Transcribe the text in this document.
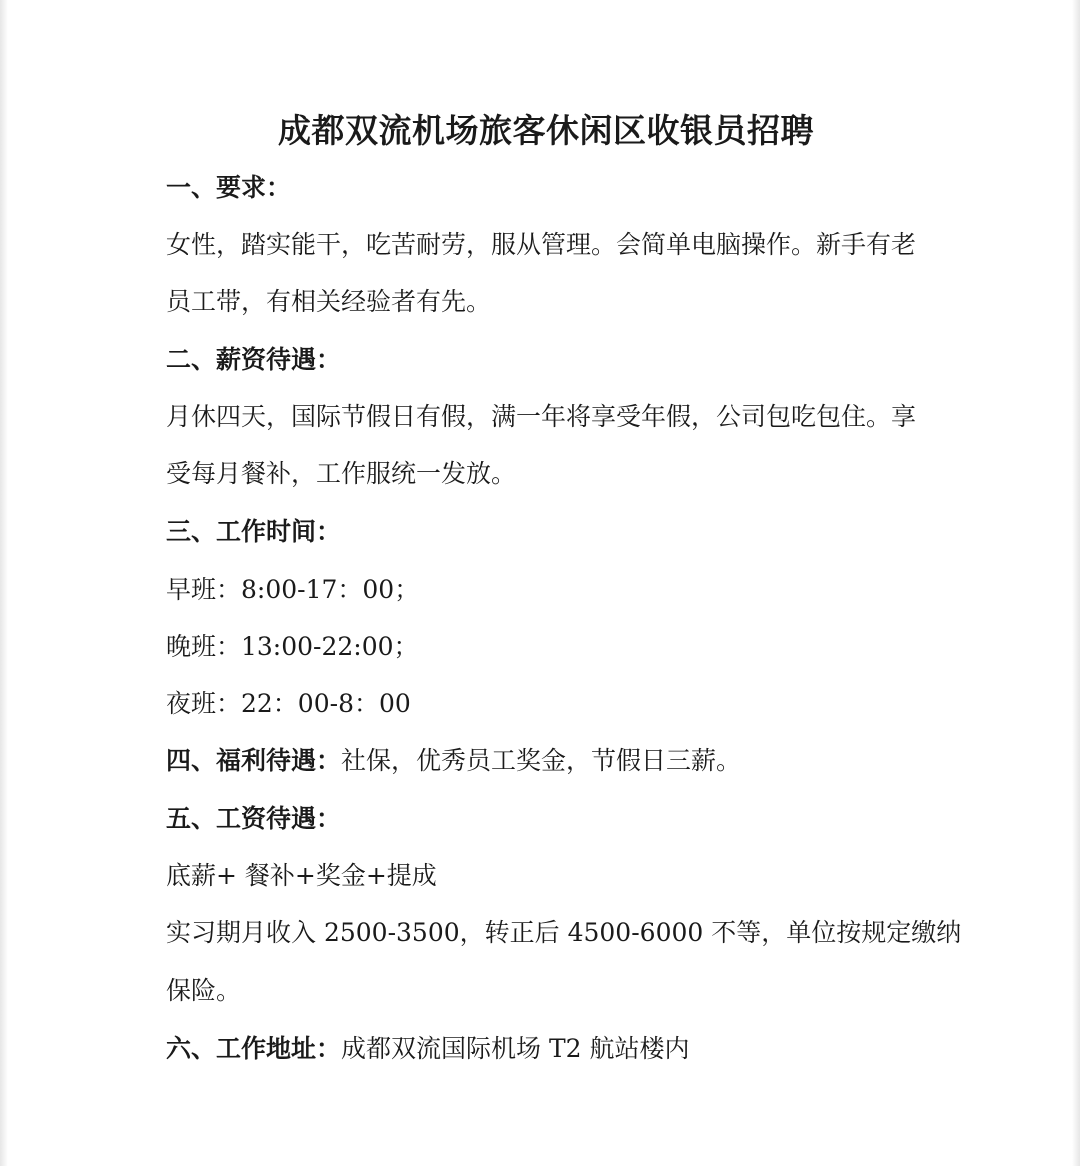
成都双流机场旅客休闲区收银员招聘
一、要求：
女性，踏实能干，吃苦耐劳，服从管理。会简单电脑操作。新手有老
员工带，有相关经验者有先。
二、薪资待遇：
月休四天，国际节假日有假，满一年将享受年假，公司包吃包住。享
受每月餐补，工作服统一发放。
三、工作时间：
早班：8:00-17：00；
晚班：13:00-22:00；
夜班：22：00-8：00
四、福利待遇：社保，优秀员工奖金，节假日三薪。
五、工资待遇：
底薪+ 餐补+奖金+提成
实习期月收入 2500-3500，转正后 4500-6000 不等，单位按规定缴纳
保险。
六、工作地址：成都双流国际机场 T2 航站楼内
